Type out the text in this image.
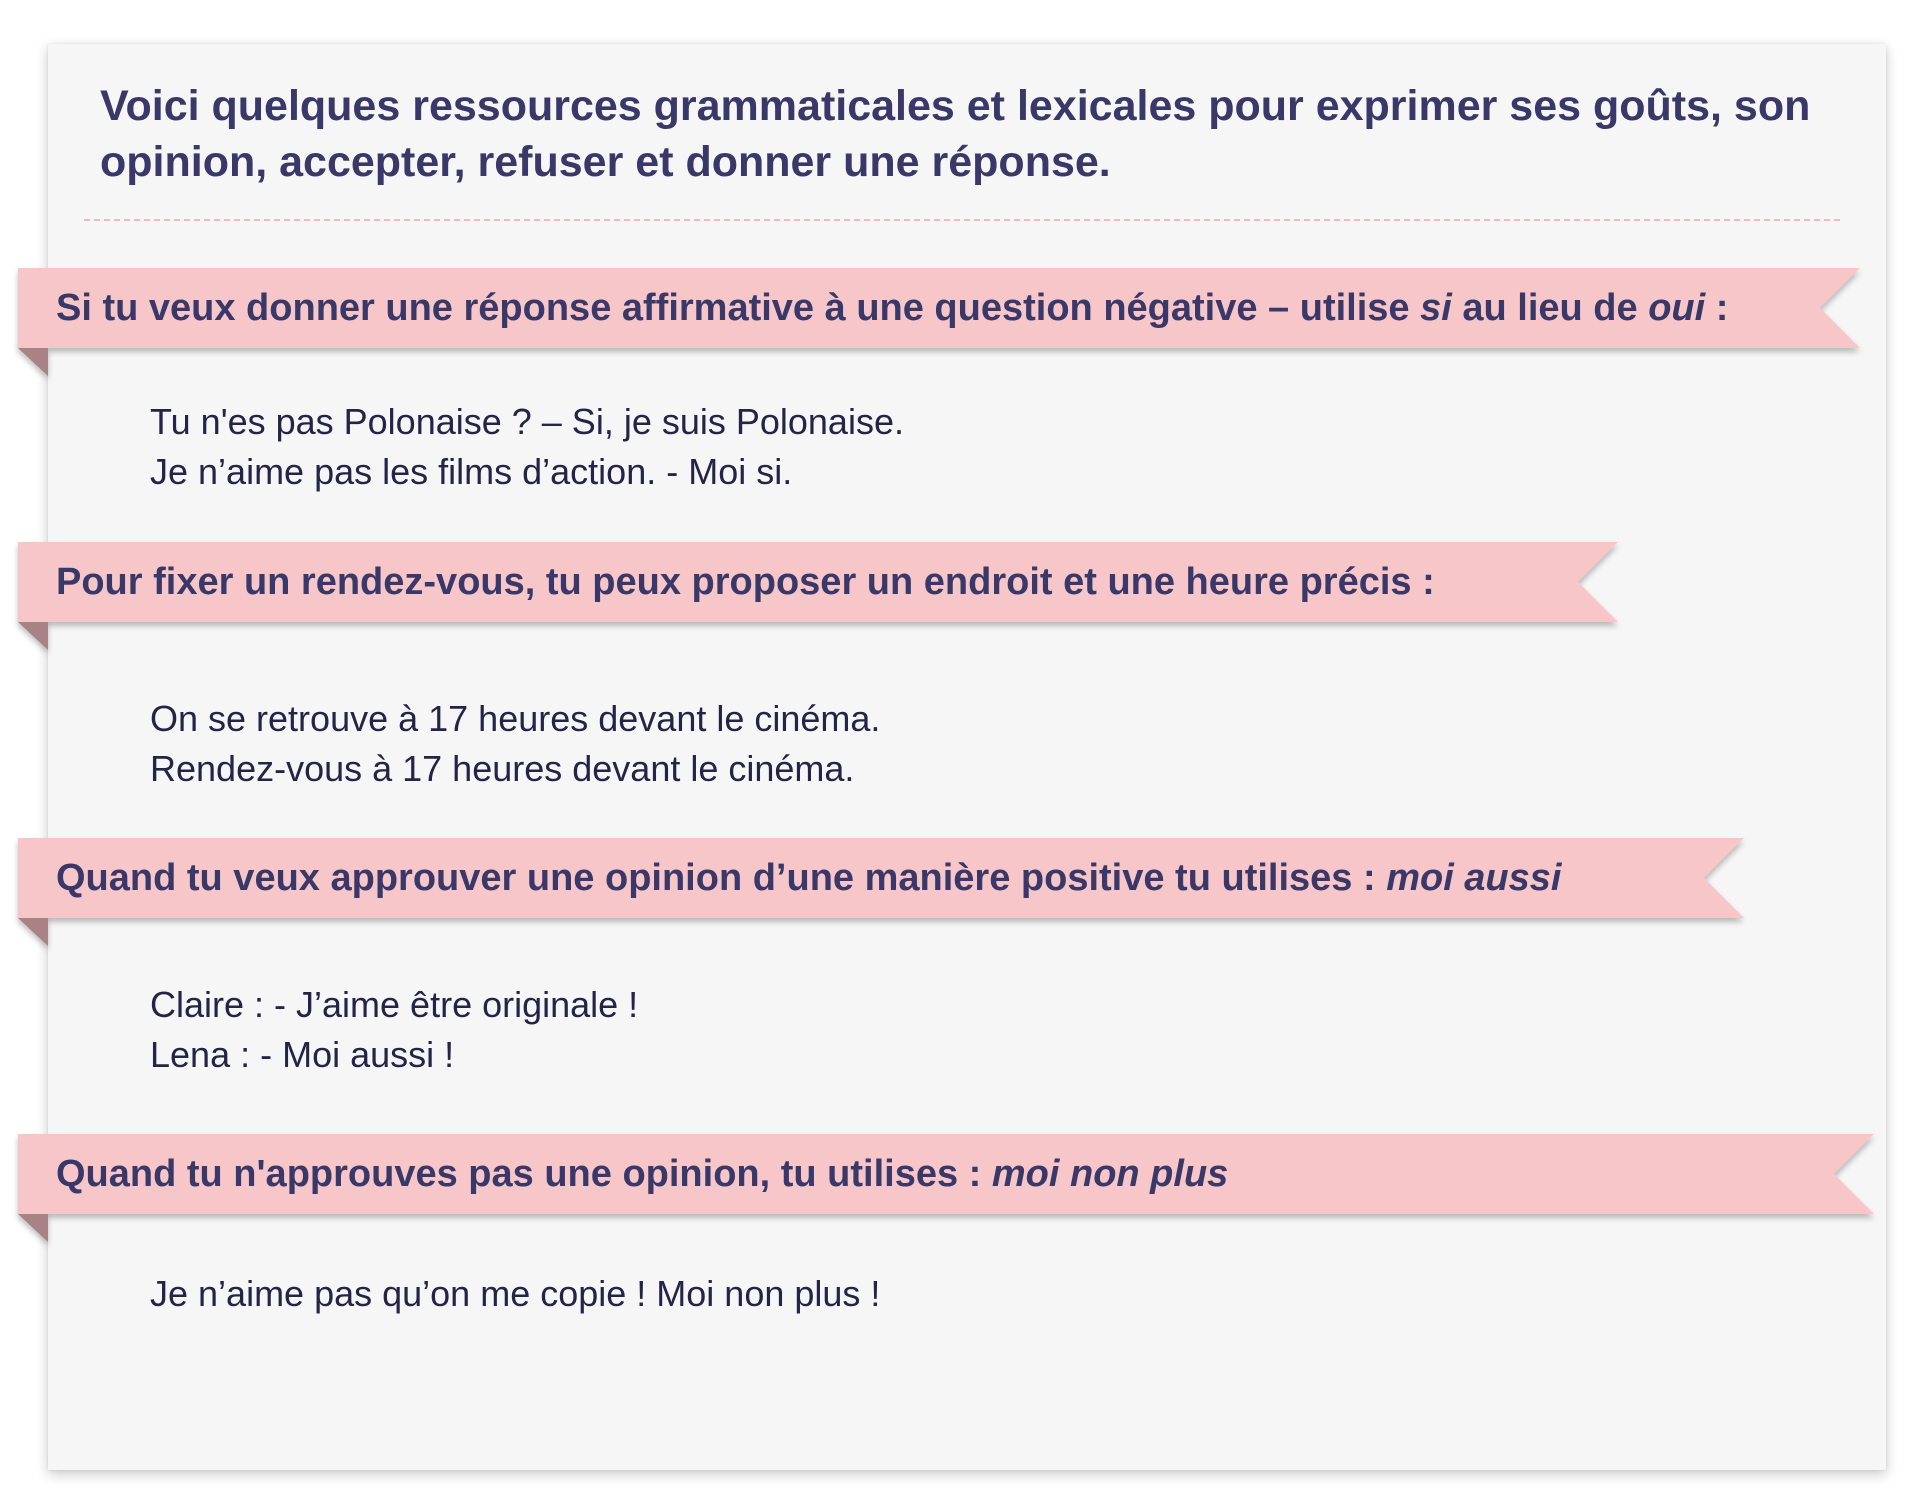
Voici quelques ressources grammaticales et lexicales pour exprimer ses goûts, son opinion, accepter, refuser et donner une réponse.

Si tu veux donner une réponse affirmative à une question négative – utilise si au lieu de oui :
Tu n'es pas Polonaise ? – Si, je suis Polonaise.
Je n’aime pas les films d’action. - Moi si.
Pour fixer un rendez-vous, tu peux proposer un endroit et une heure précis :
On se retrouve à 17 heures devant le cinéma.
Rendez-vous à 17 heures devant le cinéma.
Quand tu veux approuver une opinion d’une manière positive tu utilises : moi aussi
Claire : - J’aime être originale !
Lena : - Moi aussi !
Quand tu n'approuves pas une opinion, tu utilises : moi non plus
Je n’aime pas qu’on me copie ! Moi non plus !
